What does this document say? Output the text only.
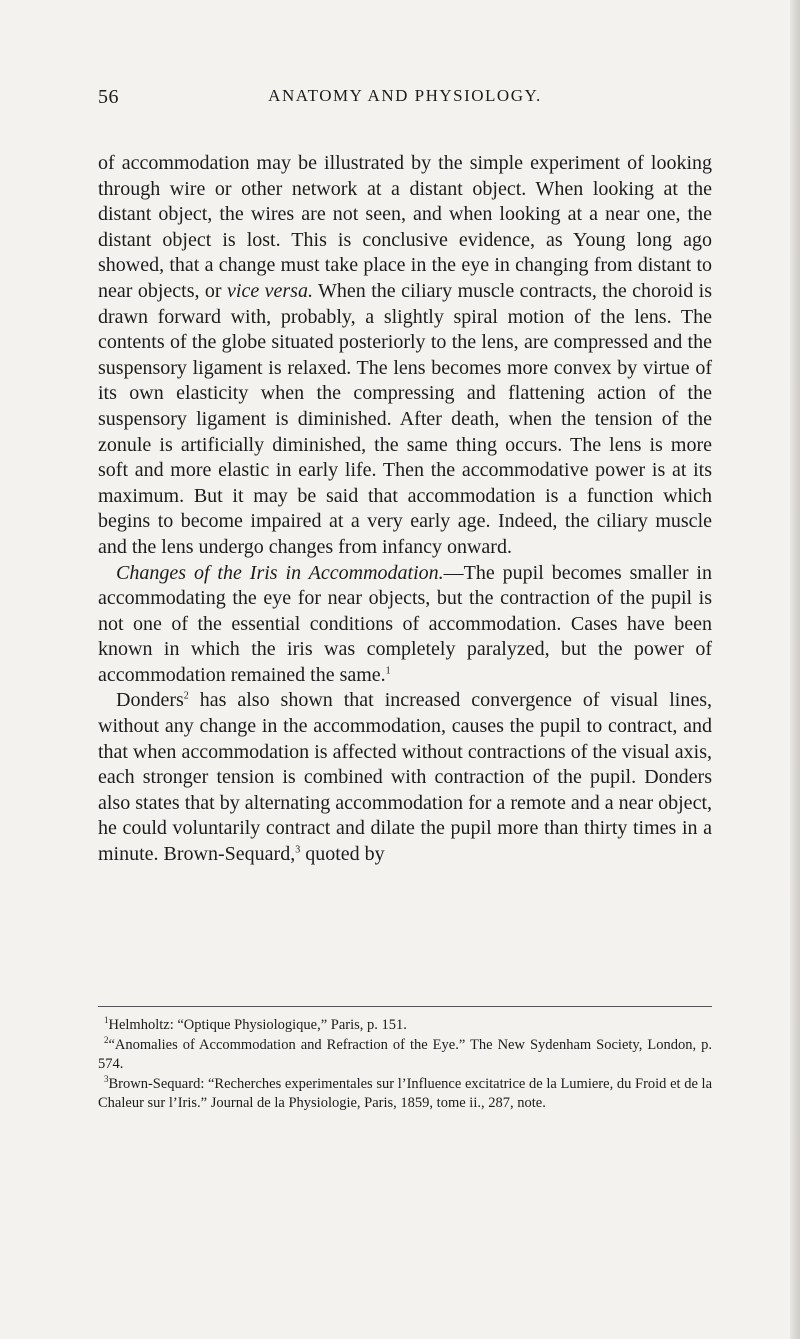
56	ANATOMY AND PHYSIOLOGY.

of accommodation may be illustrated by the simple experiment of looking through wire or other network at a distant object. When looking at the distant object, the wires are not seen, and when looking at a near one, the distant object is lost. This is conclusive evidence, as Young long ago showed, that a change must take place in the eye in changing from distant to near objects, or vice versa. When the ciliary muscle contracts, the choroid is drawn forward with, probably, a slightly spiral motion of the lens. The contents of the globe situated posteriorly to the lens, are compressed and the suspensory ligament is relaxed. The lens becomes more convex by virtue of its own elasticity when the compressing and flattening action of the suspensory ligament is diminished. After death, when the tension of the zonule is artificially diminished, the same thing occurs. The lens is more soft and more elastic in early life. Then the accommodative power is at its maximum. But it may be said that accommodation is a function which begins to become impaired at a very early age. Indeed, the ciliary muscle and the lens undergo changes from infancy onward.

Changes of the Iris in Accommodation.—The pupil becomes smaller in accommodating the eye for near objects, but the contraction of the pupil is not one of the essential conditions of accommodation. Cases have been known in which the iris was completely paralyzed, but the power of accommodation remained the same.$^1$

Donders$^2$ has also shown that increased convergence of visual lines, without any change in the accommodation, causes the pupil to contract, and that when accommodation is affected without contractions of the visual axis, each stronger tension is combined with contraction of the pupil. Donders also states that by alternating accommodation for a remote and a near object, he could voluntarily contract and dilate the pupil more than thirty times in a minute. Brown-Sequard,$^3$ quoted by

$^1$Helmholtz: “Optique Physiologique,” Paris, p. 151.

$^2$“Anomalies of Accommodation and Refraction of the Eye.” The New Sydenham Society, London, p. 574.

$^3$Brown-Sequard: “Recherches experimentales sur l’Influence excitatrice de la Lumiere, du Froid et de la Chaleur sur l’Iris.” Journal de la Physiologie, Paris, 1859, tome ii., 287, note.
